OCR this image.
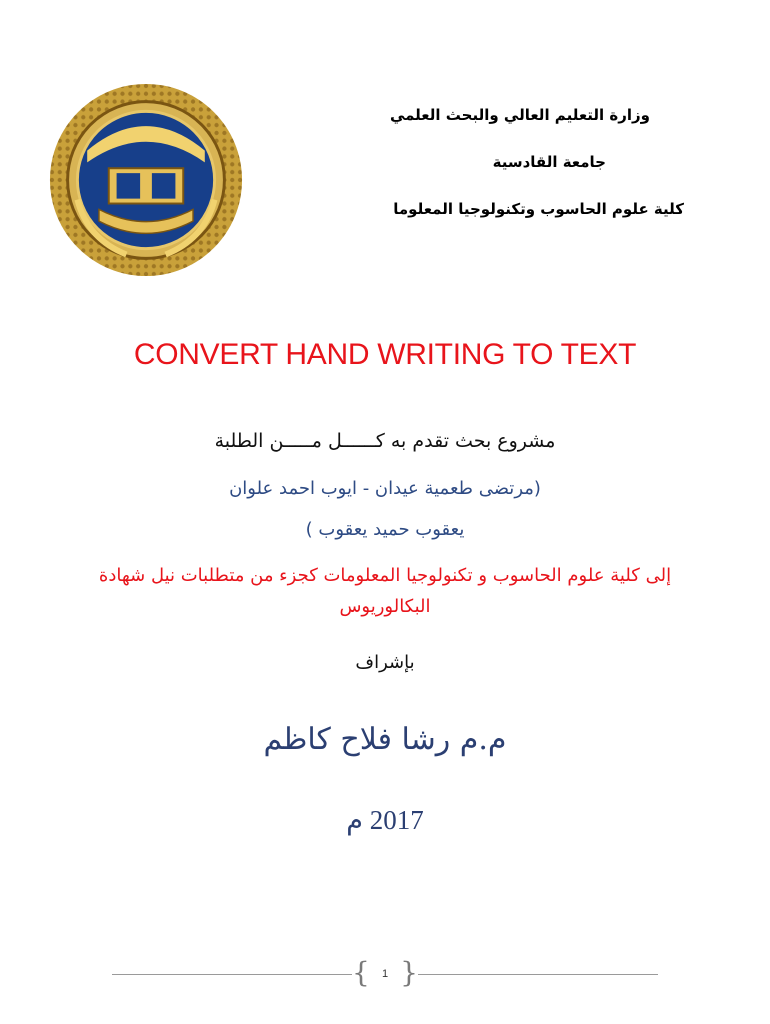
وزارة التعليم العالي والبحث العلمي
جامعة القادسية
كلية علوم الحاسوب وتكنولوجيا المعلوما
CONVERT HAND WRITING TO TEXT
مشروع بحث تقدم به كــــــل مـــــن الطلبة
(مرتضى طعمية عيدان - ايوب احمد علوان
يعقوب حميد يعقوب )
إلى كلية علوم الحاسوب و تكنولوجيا المعلومات كجزء من متطلبات نيل شهادة
البكالوريوس
بإشراف
م.م رشا فلاح كاظم
2017 م
{	1 }
